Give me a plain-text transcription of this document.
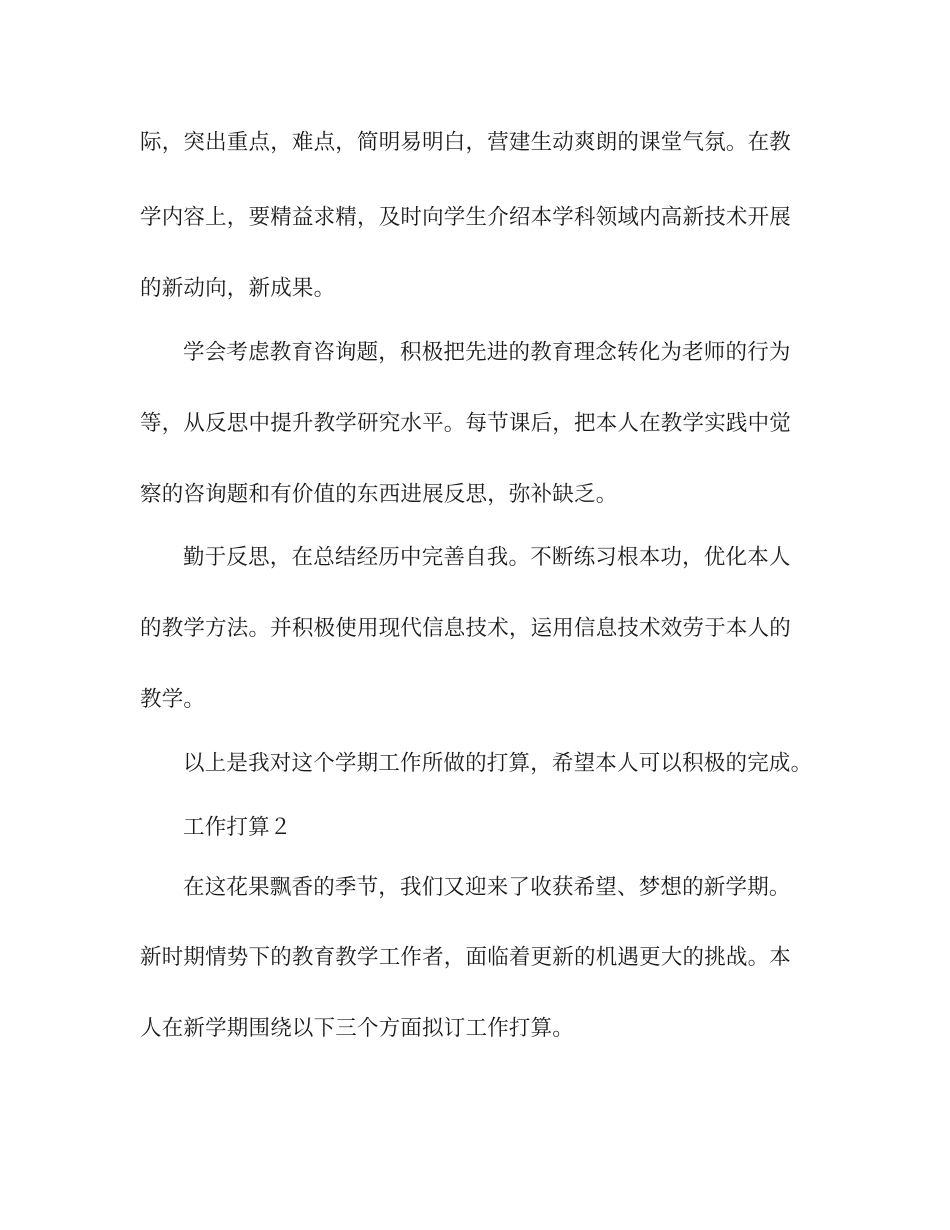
际，突出重点，难点，简明易明白，营建生动爽朗的课堂气氛。在教
学内容上，要精益求精，及时向学生介绍本学科领域内高新技术开展
的新动向，新成果。
学会考虑教育咨询题，积极把先进的教育理念转化为老师的行为
等，从反思中提升教学研究水平。每节课后，把本人在教学实践中觉
察的咨询题和有价值的东西进展反思，弥补缺乏。
勤于反思，在总结经历中完善自我。不断练习根本功，优化本人
的教学方法。并积极使用现代信息技术，运用信息技术效劳于本人的
教学。
以上是我对这个学期工作所做的打算，希望本人可以积极的完成。
工作打算２
在这花果飘香的季节，我们又迎来了收获希望、梦想的新学期。
新时期情势下的教育教学工作者，面临着更新的机遇更大的挑战。本
人在新学期围绕以下三个方面拟订工作打算。
